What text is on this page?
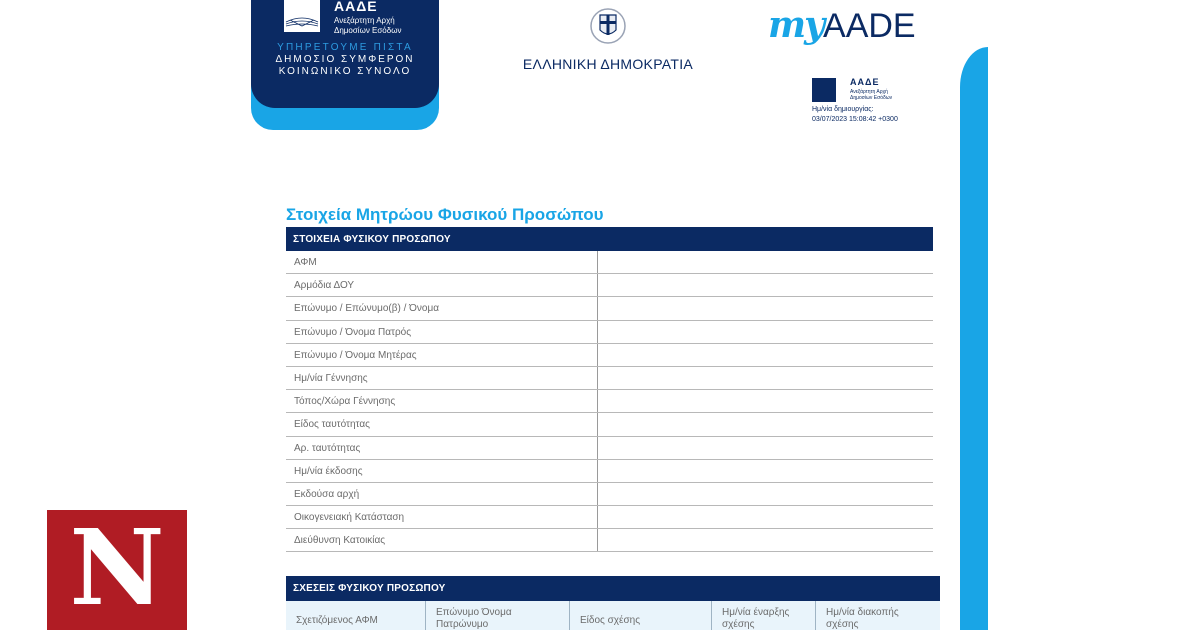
ΑΑΔΕ
Ανεξάρτητη Αρχή
Δημοσίων Εσόδων
ΥΠΗΡΕΤΟΥΜΕ ΠΙΣΤΑ
ΔΗΜΟΣΙΟ ΣΥΜΦΕΡΟΝ
ΚΟΙΝΩΝΙΚΟ ΣΥΝΟΛΟ	ΕΛΛΗΝΙΚΗ ΔΗΜΟΚΡΑΤΙΑ
myAADE
ΑΑΔΕ
Ανεξάρτητη Αρχή Δημοσίων Εσόδων
Ημ/νία δημιουργίας:
03/07/2023 15:08:42 +0300
Στοιχεία Μητρώου Φυσικού Προσώπου
ΣΤΟΙΧΕΙΑ ΦΥΣΙΚΟΥ ΠΡΟΣΩΠΟΥ
ΑΦΜ
Αρμόδια ΔΟΥ
Επώνυμο / Επώνυμο(β) / Όνομα
Επώνυμο / Όνομα Πατρός
Επώνυμο / Όνομα Μητέρας
Ημ/νία Γέννησης
Τόπος/Χώρα Γέννησης
Είδος ταυτότητας
Αρ. ταυτότητας
Ημ/νία έκδοσης
Εκδούσα αρχή
Οικογενειακή Κατάσταση
Διεύθυνση Κατοικίας
ΣΧΕΣΕΙΣ ΦΥΣΙΚΟΥ ΠΡΟΣΩΠΟΥ
Σχετιζόμενος ΑΦΜ
Επώνυμο Όνομα Πατρώνυμο	Είδος σχέσης
Ημ/νία έναρξης σχέσης
Ημ/νία διακοπής σχέσης
N
